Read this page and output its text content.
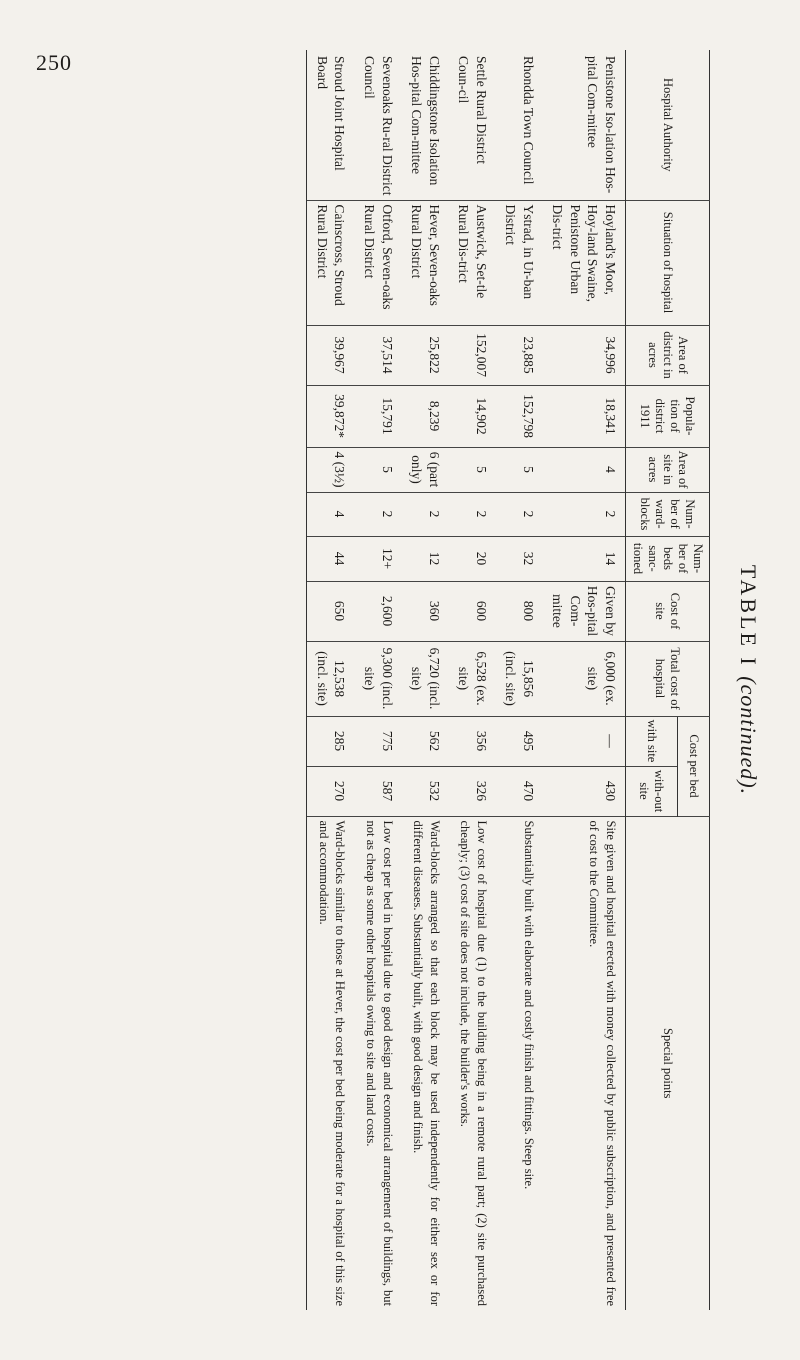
250
TABLE I (continued).
Hospital Authority	Situation of hospital	Area of district in acres	Popula-tion of district 1911	Area of site in acres	Num-ber of ward-blocks	Num-ber of beds sanc-tioned	Cost of site	Total cost of hospital	Cost per bed		Special points
									with site	with-out site	
Penistone Iso-lation Hos-pital Com-mittee	Hoyland's Moor, Hoy-land Swaine, Penistone Urban Dis-trict	34,996	18,341	4	2	14	Given by Hos-pital Com-mittee	6,000 (ex. site)	—	430	Site given and hospital erected with money collected by public subscription, and presented free of cost to the Committee.
Rhondda Town Council	Ystrad, in Ur-ban District	23,885	152,798	5	2	32	800	15,856 (incl. site)	495	470	Substantially built with elaborate and costly finish and fittings. Steep site.
Settle Rural District Coun-cil	Austwick, Set-tle Rural Dis-trict	152,007	14,902	5	2	20	600	6,528 (ex. site)	356	326	Low cost of hospital due (1) to the building being in a remote rural part; (2) site purchased cheaply; (3) cost of site does not include, the builder's works.
Chiddingstone Isolation Hos-pital Com-mittee	Hever, Seven-oaks Rural District	25,822	8,239	6 (part only)	2	12	360	6,720 (incl. site)	562	532	Ward-blocks arranged so that each block may be used independently for either sex or for different diseases. Substantially built, with good design and finish.
Sevenoaks Ru-ral District Council	Otford, Seven-oaks Rural District	37,514	15,791	5	2	12+	2,600	9,300 (incl. site)	775	587	Low cost per bed in hospital due to good design and economical arrangement of buildings, but not as cheap as some other hospitals owing to site and land costs.
Stroud Joint Hospital Board	Cainscross, Stroud Rural District	39,967	39,872*	4 (3½)	4	44	650	12,538 (incl. site)	285	270	Ward-blocks similar to those at Hever, the cost per bed being moderate for a hospital of this size and accommodation.
